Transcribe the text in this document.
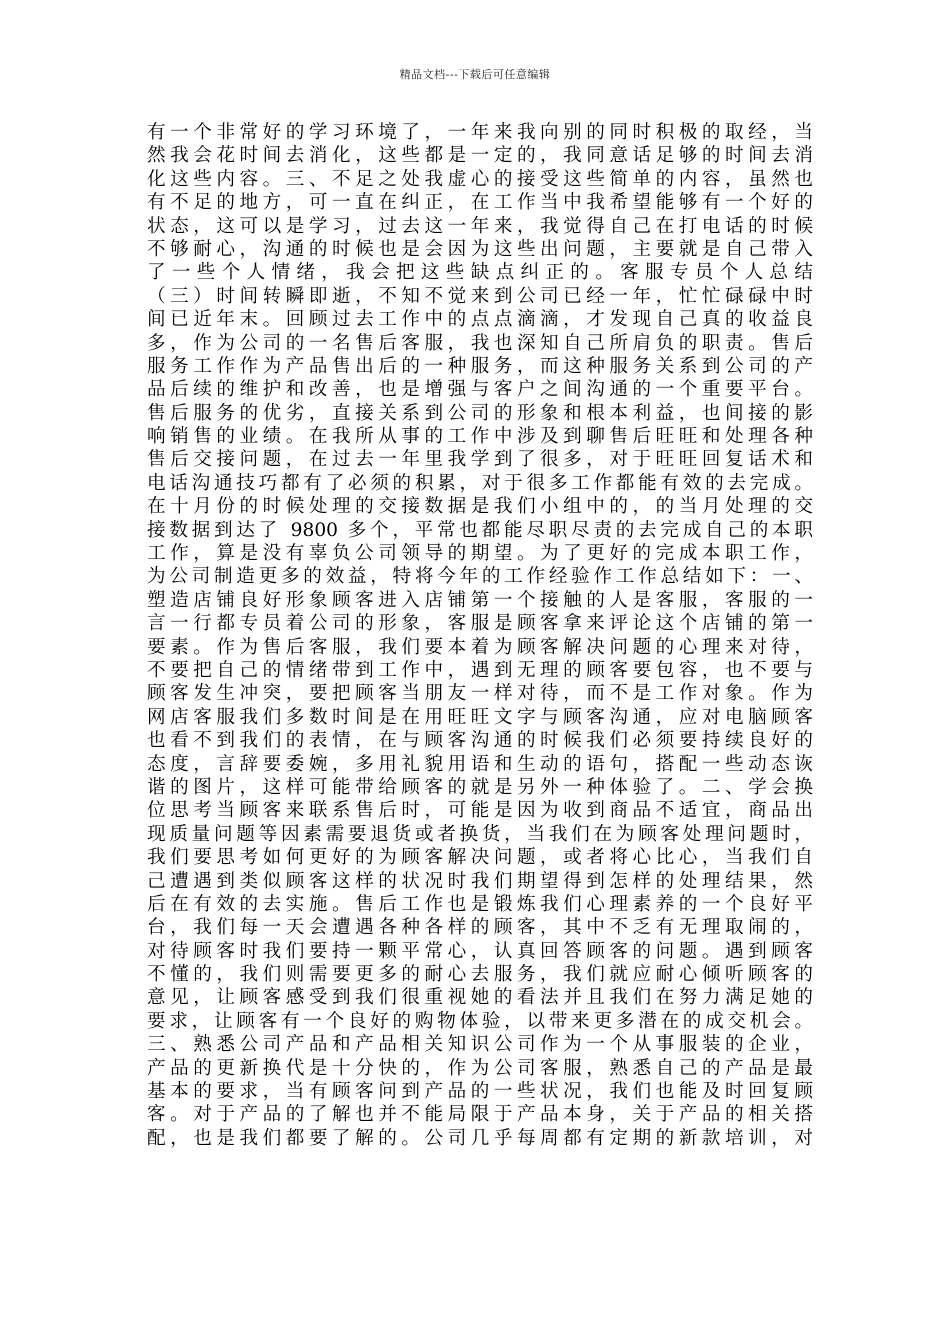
精品文档---下载后可任意编辑
有一个非常好的学习环境了，一年来我向别的同时积极的取经，当
然我会花时间去消化，这些都是一定的，我同意话足够的时间去消
化这些内容。三、不足之处我虚心的接受这些简单的内容，虽然也
有不足的地方，可一直在纠正，在工作当中我希望能够有一个好的
状态，这可以是学习，过去这一年来，我觉得自己在打电话的时候
不够耐心，沟通的时候也是会因为这些出问题，主要就是自己带入
了一些个人情绪，我会把这些缺点纠正的。客服专员个人总结
（三）时间转瞬即逝，不知不觉来到公司已经一年，忙忙碌碌中时
间已近年末。回顾过去工作中的点点滴滴，才发现自己真的收益良
多，作为公司的一名售后客服，我也深知自己所肩负的职责。售后
服务工作作为产品售出后的一种服务，而这种服务关系到公司的产
品后续的维护和改善，也是增强与客户之间沟通的一个重要平台。
售后服务的优劣，直接关系到公司的形象和根本利益，也间接的影
响销售的业绩。在我所从事的工作中涉及到聊售后旺旺和处理各种
售后交接问题，在过去一年里我学到了很多，对于旺旺回复话术和
电话沟通技巧都有了必须的积累，对于很多工作都能有效的去完成。
在十月份的时候处理的交接数据是我们小组中的，的当月处理的交
接数据到达了 9800 多个，平常也都能尽职尽责的去完成自己的本职
工作，算是没有辜负公司领导的期望。为了更好的完成本职工作，
为公司制造更多的效益，特将今年的工作经验作工作总结如下：一、
塑造店铺良好形象顾客进入店铺第一个接触的人是客服，客服的一
言一行都专员着公司的形象，客服是顾客拿来评论这个店铺的第一
要素。作为售后客服，我们要本着为顾客解决问题的心理来对待，
不要把自己的情绪带到工作中，遇到无理的顾客要包容，也不要与
顾客发生冲突，要把顾客当朋友一样对待，而不是工作对象。作为
网店客服我们多数时间是在用旺旺文字与顾客沟通，应对电脑顾客
也看不到我们的表情，在与顾客沟通的时候我们必须要持续良好的
态度，言辞要委婉，多用礼貌用语和生动的语句，搭配一些动态诙
谐的图片，这样可能带给顾客的就是另外一种体验了。二、学会换
位思考当顾客来联系售后时，可能是因为收到商品不适宜，商品出
现质量问题等因素需要退货或者换货，当我们在为顾客处理问题时，
我们要思考如何更好的为顾客解决问题，或者将心比心，当我们自
己遭遇到类似顾客这样的状况时我们期望得到怎样的处理结果，然
后在有效的去实施。售后工作也是锻炼我们心理素养的一个良好平
台，我们每一天会遭遇各种各样的顾客，其中不乏有无理取闹的，
对待顾客时我们要持一颗平常心，认真回答顾客的问题。遇到顾客
不懂的，我们则需要更多的耐心去服务，我们就应耐心倾听顾客的
意见，让顾客感受到我们很重视她的看法并且我们在努力满足她的
要求，让顾客有一个良好的购物体验，以带来更多潜在的成交机会。
三、熟悉公司产品和产品相关知识公司作为一个从事服装的企业，
产品的更新换代是十分快的，作为公司客服，熟悉自己的产品是最
基本的要求，当有顾客问到产品的一些状况，我们也能及时回复顾
客。对于产品的了解也并不能局限于产品本身，关于产品的相关搭
配，也是我们都要了解的。公司几乎每周都有定期的新款培训，对
